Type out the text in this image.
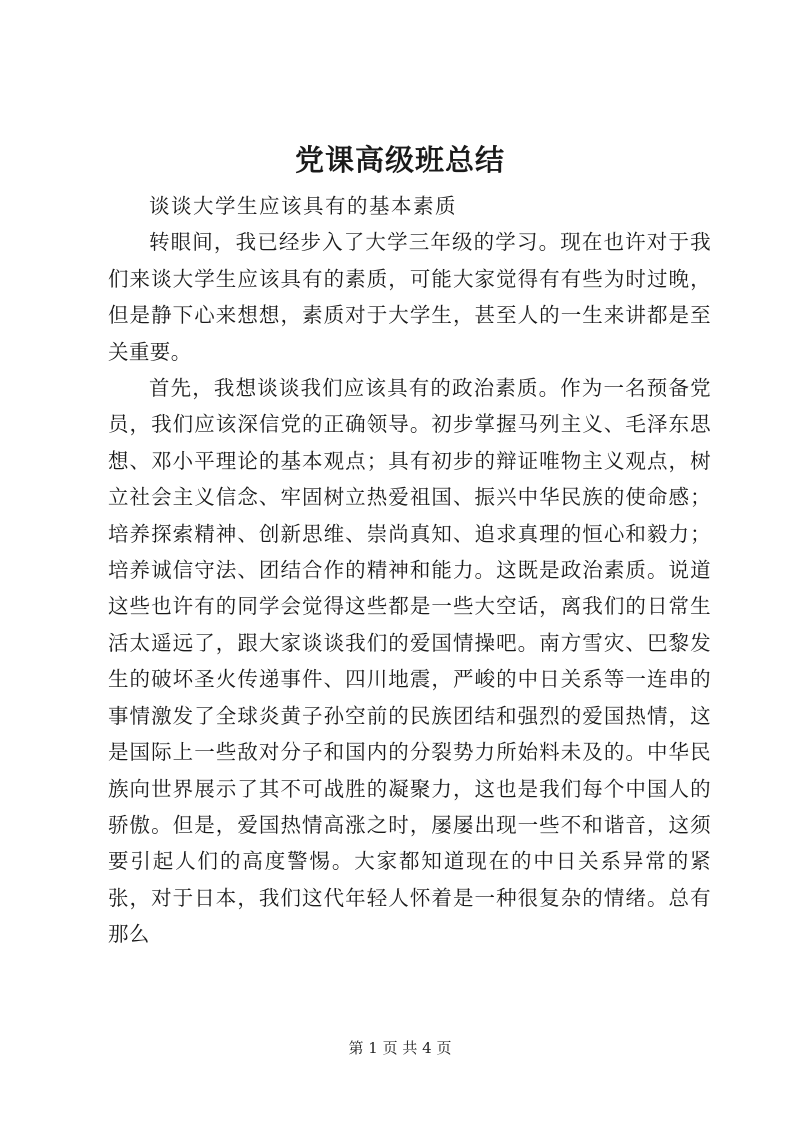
党课高级班总结

谈谈大学生应该具有的基本素质

转眼间，我已经步入了大学三年级的学习。现在也许对于我们来谈大学生应该具有的素质，可能大家觉得有有些为时过晚，但是静下心来想想，素质对于大学生，甚至人的一生来讲都是至关重要。

首先，我想谈谈我们应该具有的政治素质。作为一名预备党员，我们应该深信党的正确领导。初步掌握马列主义、毛泽东思想、邓小平理论的基本观点；具有初步的辩证唯物主义观点，树立社会主义信念、牢固树立热爱祖国、振兴中华民族的使命感；培养探索精神、创新思维、崇尚真知、追求真理的恒心和毅力；培养诚信守法、团结合作的精神和能力。这既是政治素质。说道这些也许有的同学会觉得这些都是一些大空话，离我们的日常生活太遥远了，跟大家谈谈我们的爱国情操吧。南方雪灾、巴黎发生的破坏圣火传递事件、四川地震，严峻的中日关系等一连串的事情激发了全球炎黄子孙空前的民族团结和强烈的爱国热情，这是国际上一些敌对分子和国内的分裂势力所始料未及的。中华民族向世界展示了其不可战胜的凝聚力，这也是我们每个中国人的骄傲。但是，爱国热情高涨之时，屡屡出现一些不和谐音，这须要引起人们的高度警惕。大家都知道现在的中日关系异常的紧张，对于日本，我们这代年轻人怀着是一种很复杂的情绪。总有那么

第 1 页 共 4 页
